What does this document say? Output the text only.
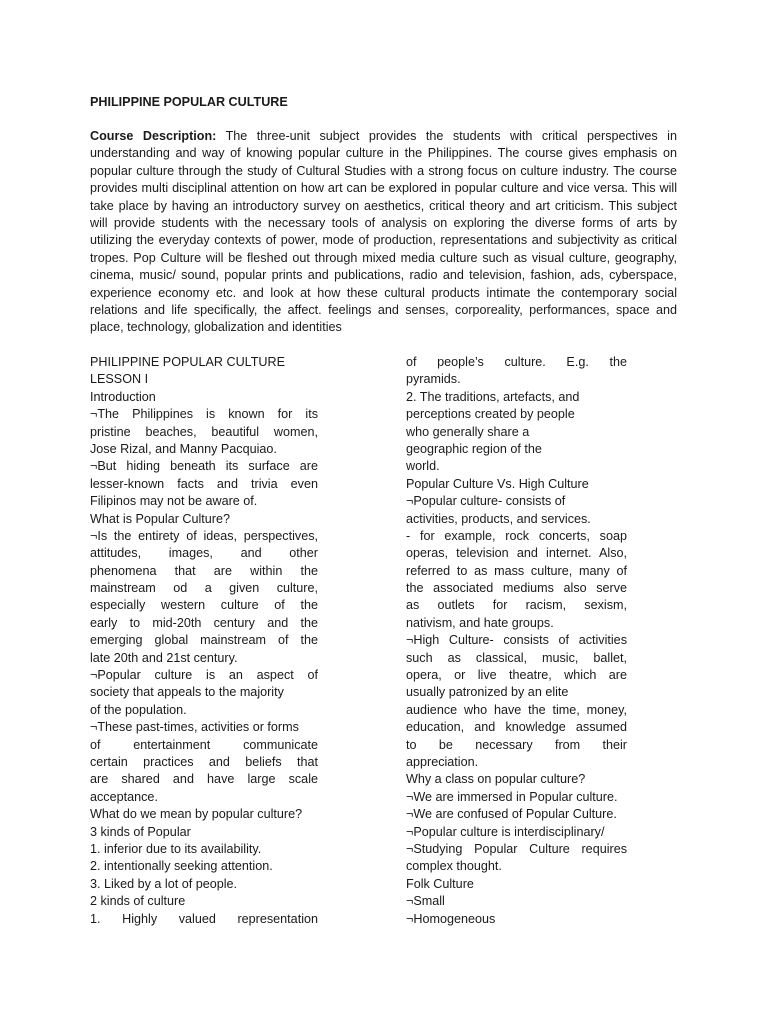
PHILIPPINE POPULAR CULTURE

Course Description: The three-unit subject provides the students with critical perspectives in understanding and way of knowing popular culture in the Philippines. The course gives emphasis on popular culture through the study of Cultural Studies with a strong focus on culture industry. The course provides multi disciplinal attention on how art can be explored in popular culture and vice versa. This will take place by having an introductory survey on aesthetics, critical theory and art criticism. This subject will provide students with the necessary tools of analysis on exploring the diverse forms of arts by utilizing the everyday contexts of power, mode of production, representations and subjectivity as critical tropes. Pop Culture will be fleshed out through mixed media culture such as visual culture, geography, cinema, music/ sound, popular prints and publications, radio and television, fashion, ads, cyberspace, experience economy etc. and look at how these cultural products intimate the contemporary social relations and life specifically, the affect. feelings and senses, corporeality, performances, space and place, technology, globalization and identities

PHILIPPINE POPULAR CULTURE
LESSON I
Introduction
¬The Philippines is known for its
pristine beaches, beautiful women,
Jose Rizal, and Manny Pacquiao.
¬But hiding beneath its surface are
lesser-known facts and trivia even
Filipinos may not be aware of.
What is Popular Culture?
¬Is the entirety of ideas, perspectives,
attitudes, images, and other
phenomena that are within the
mainstream od a given culture,
especially western culture of the
early to mid-20th century and the
emerging global mainstream of the
late 20th and 21st century.
¬Popular culture is an aspect of
society that appeals to the majority
of the population.
¬These past-times, activities or forms
of entertainment communicate
certain practices and beliefs that
are shared and have large scale
acceptance.
What do we mean by popular culture?
3 kinds of Popular
1. inferior due to its availability.
2. intentionally seeking attention.
3. Liked by a lot of people.
2 kinds of culture
1. Highly valued representation
of people’s culture. E.g. the
pyramids.
2. The traditions, artefacts, and
perceptions created by people
who generally share a
geographic region of the
world.
Popular Culture Vs. High Culture
¬Popular culture- consists of
activities, products, and services.
- for example, rock concerts, soap
operas, television and internet. Also,
referred to as mass culture, many of
the associated mediums also serve
as outlets for racism, sexism,
nativism, and hate groups.
¬High Culture- consists of activities
such as classical, music, ballet,
opera, or live theatre, which are
usually patronized by an elite
audience who have the time, money,
education, and knowledge assumed
to be necessary from their
appreciation.
Why a class on popular culture?
¬We are immersed in Popular culture.
¬We are confused of Popular Culture.
¬Popular culture is interdisciplinary/
¬Studying Popular Culture requires
complex thought.
Folk Culture
¬Small
¬Homogeneous
